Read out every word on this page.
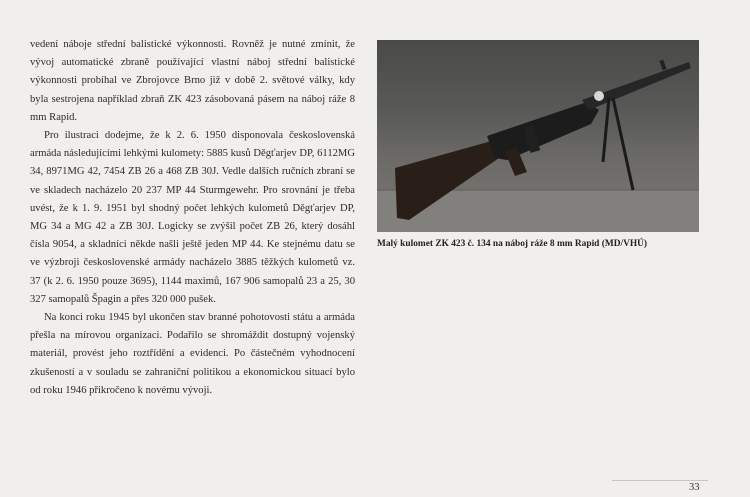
vedení náboje střední balistické výkonnosti. Rovněž je nutné zmínit, že vývoj automatické zbraně používající vlastní náboj střední balistické výkonnosti probíhal ve Zbrojovce Brno již v době 2. světové války, kdy byla sestrojena například zbraň ZK 423 zásobovaná pásem na náboj ráže 8 mm Rapid.

Pro ilustraci dodejme, že k 2. 6. 1950 disponovala československá armáda následujícími lehkými kulomety: 5885 kusů Děgťarjev DP, 6112MG 34, 8971MG 42, 7454 ZB 26 a 468 ZB 30J. Vedle dalších ručních zbraní se ve skladech nacházelo 20 237 MP 44 Sturmgewehr. Pro srovnání je třeba uvést, že k 1. 9. 1951 byl shodný počet lehkých kulometů Děgťarjev DP, MG 34 a MG 42 a ZB 30J. Logicky se zvýšil počet ZB 26, který dosáhl čísla 9054, a skladníci někde našli ještě jeden MP 44. Ke stejnému datu se ve výzbroji československé armády nacházelo 3885 těžkých kulometů vz. 37 (k 2. 6. 1950 pouze 3695), 1144 maximů, 167 906 samopalů 23 a 25, 30 327 samopalů Špagin a přes 320 000 pušek.

Na konci roku 1945 byl ukončen stav branné pohotovosti státu a armáda přešla na mírovou organizaci. Podařilo se shromáždit dostupný vojenský materiál, provést jeho roztřídění a evidenci. Po částečném vyhodnocení zkušeností a v souladu se zahraniční politikou a ekonomickou situací bylo od roku 1946 přikročeno k novému vývoji.

Malý kulomet ZK 423 č. 134 na náboj ráže 8 mm Rapid (MD/VHÚ)
33
